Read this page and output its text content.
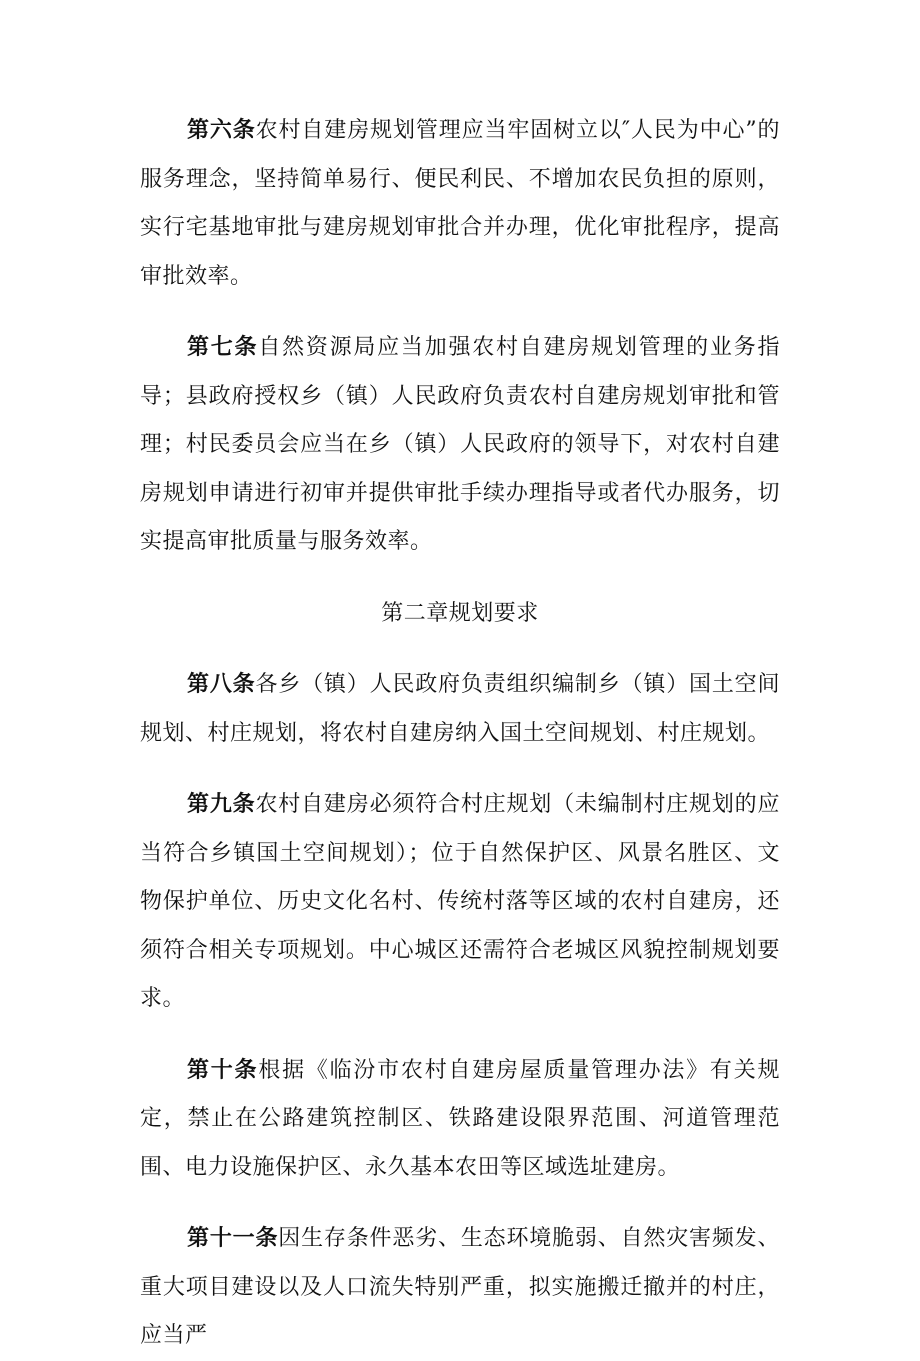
第六条农村自建房规划管理应当牢固树立以″人民为中心”的服务理念，坚持简单易行、便民利民、不增加农民负担的原则，实行宅基地审批与建房规划审批合并办理，优化审批程序，提高审批效率。

第七条自然资源局应当加强农村自建房规划管理的业务指导；县政府授权乡（镇）人民政府负责农村自建房规划审批和管理；村民委员会应当在乡（镇）人民政府的领导下，对农村自建房规划申请进行初审并提供审批手续办理指导或者代办服务，切实提高审批质量与服务效率。

第二章规划要求

第八条各乡（镇）人民政府负责组织编制乡（镇）国土空间规划、村庄规划，将农村自建房纳入国土空间规划、村庄规划。

第九条农村自建房必须符合村庄规划（未编制村庄规划的应当符合乡镇国土空间规划）；位于自然保护区、风景名胜区、文物保护单位、历史文化名村、传统村落等区域的农村自建房，还须符合相关专项规划。中心城区还需符合老城区风貌控制规划要求。

第十条根据《临汾市农村自建房屋质量管理办法》有关规定，禁止在公路建筑控制区、铁路建设限界范围、河道管理范围、电力设施保护区、永久基本农田等区域选址建房。

第十一条因生存条件恶劣、生态环境脆弱、自然灾害频发、重大项目建设以及人口流失特别严重，拟实施搬迁撤并的村庄，应当严
